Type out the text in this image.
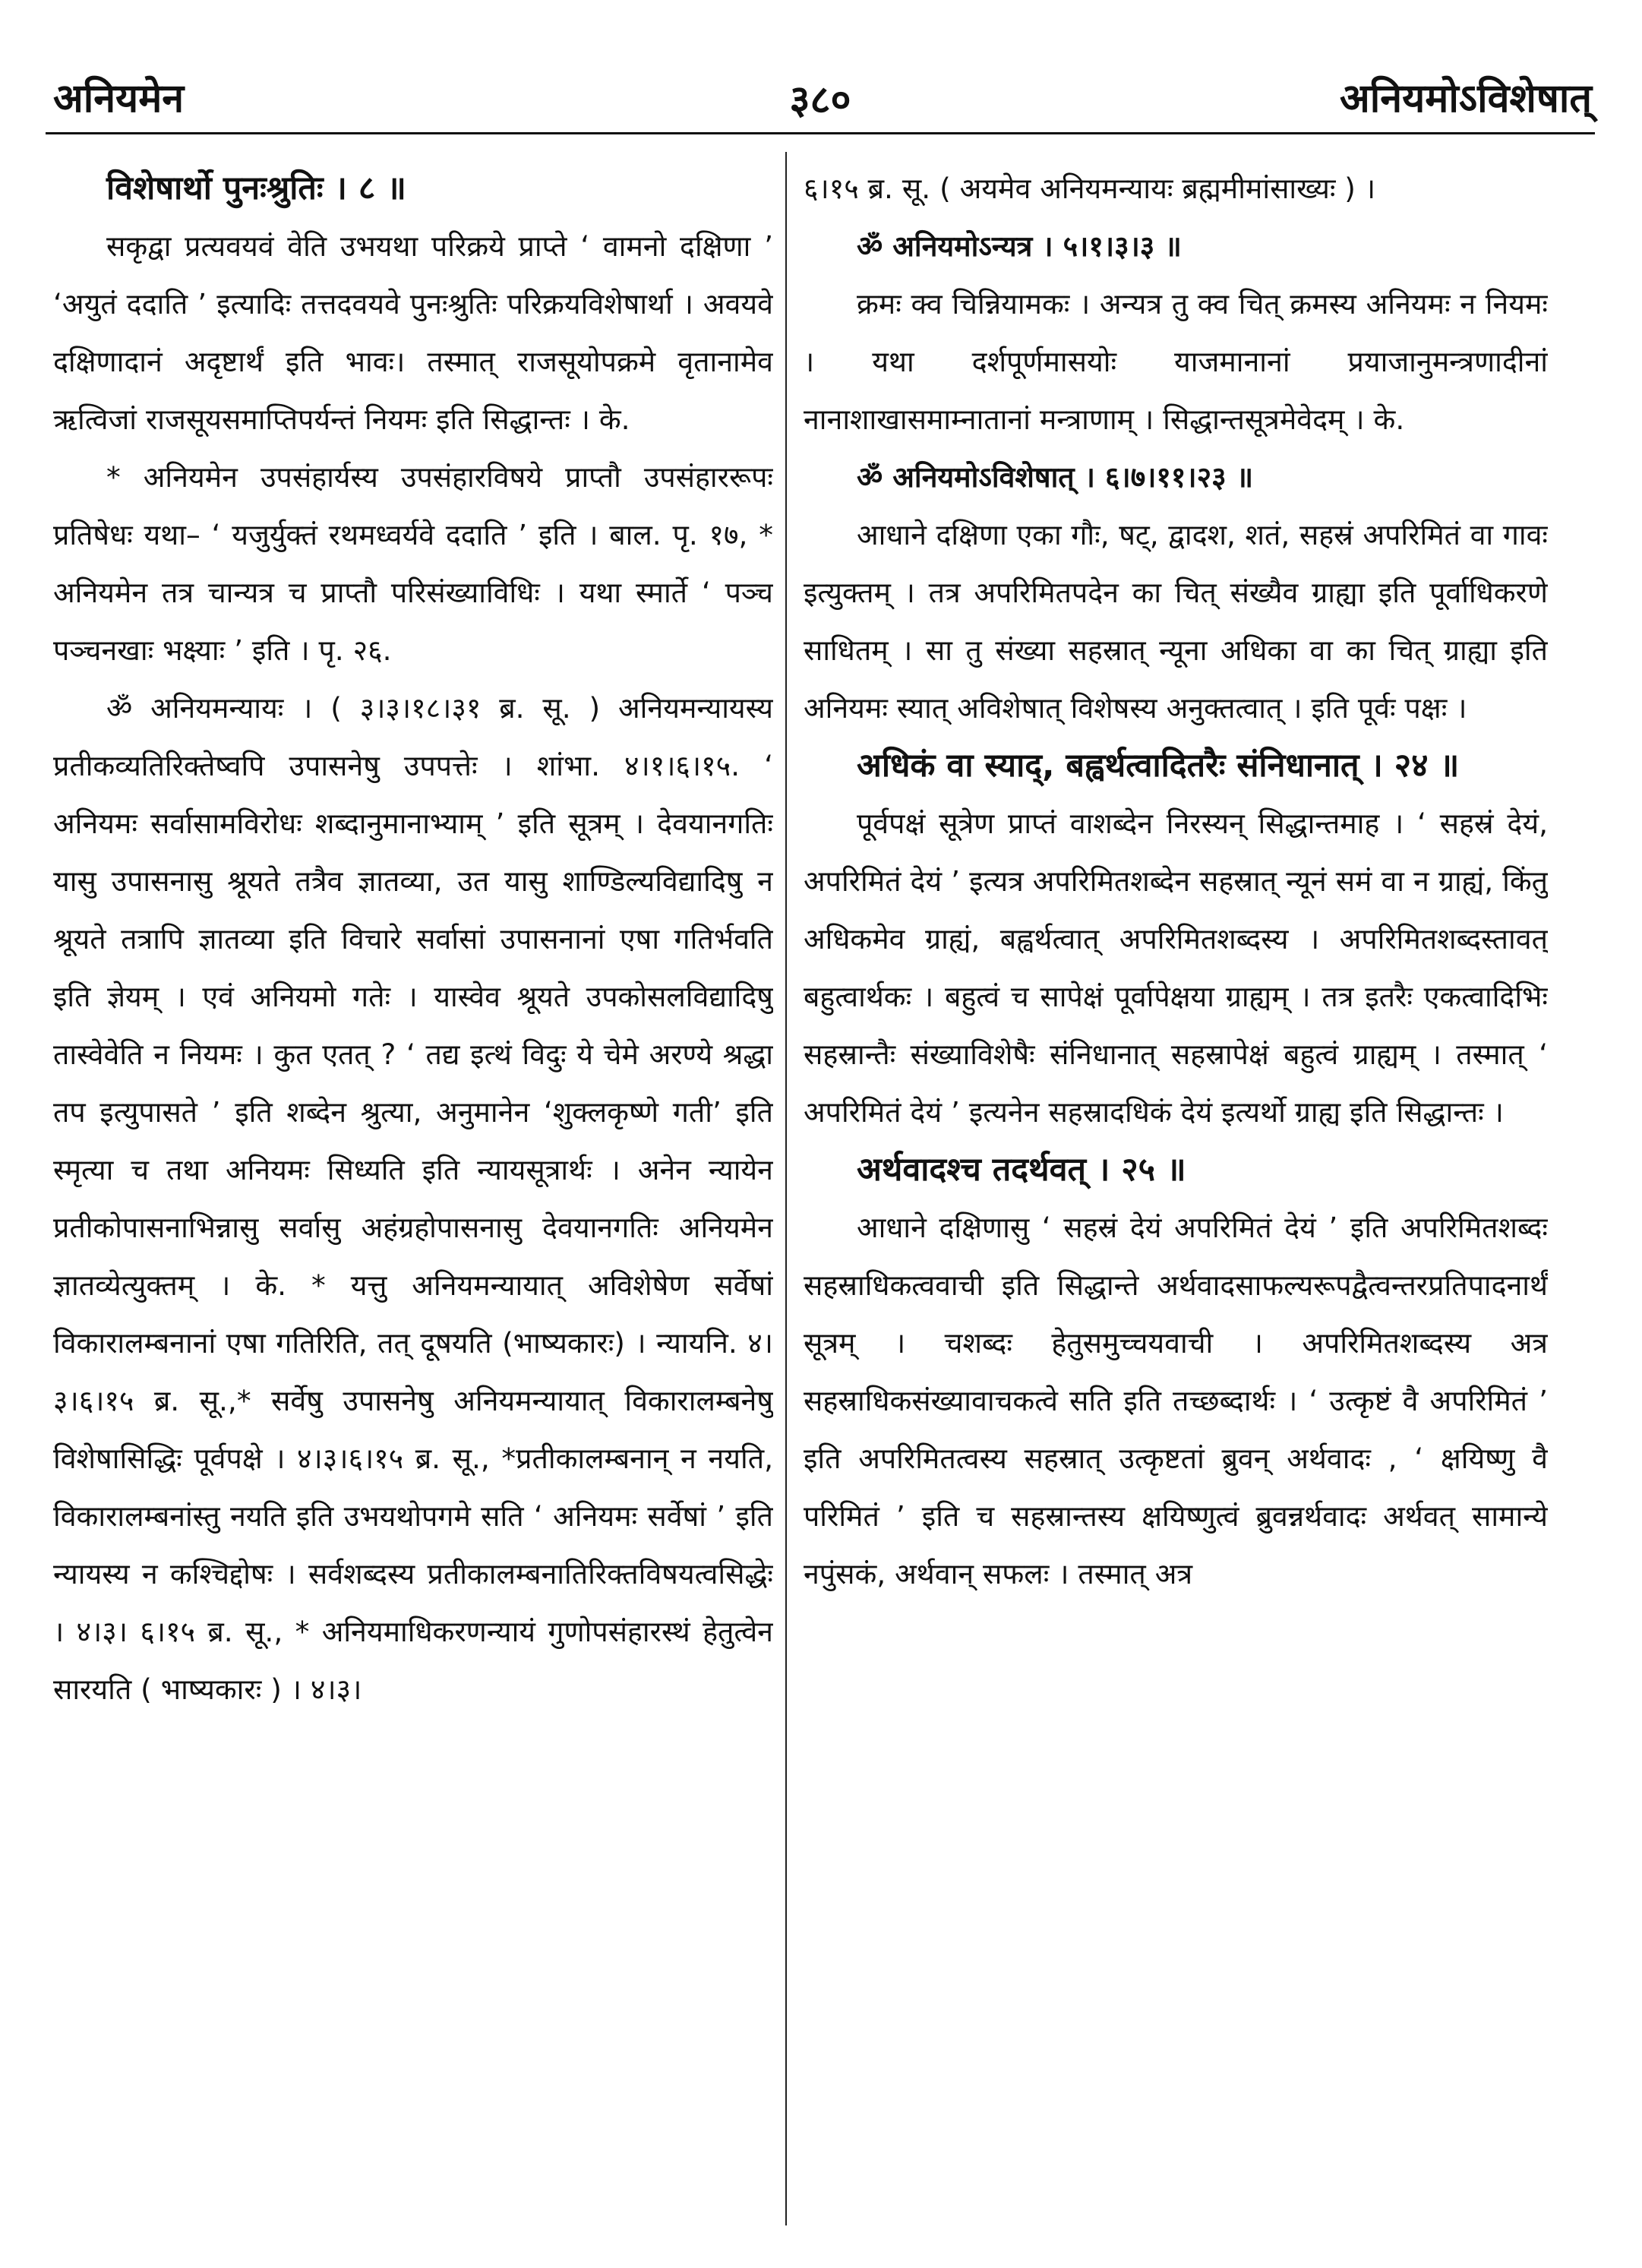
अनियमेन	३८०	अनियमोऽविशेषात्

विशेषार्थो पुनःश्रुतिः । ८ ॥

सकृद्वा प्रत्यवयवं वेति उभयथा परिक्रये प्राप्ते ‘ वामनो दक्षिणा ’ ‘अयुतं ददाति ’ इत्यादिः तत्तदवयवे पुनःश्रुतिः परिक्रयविशेषार्था । अवयवे दक्षिणादानं अदृष्टार्थं इति भावः। तस्मात् राजसूयोपक्रमे वृतानामेव ऋत्विजां राजसूयसमाप्तिपर्यन्तं नियमः इति सिद्धान्तः । के.

* अनियमेन उपसंहार्यस्य उपसंहारविषये प्राप्तौ उपसंहाररूपः प्रतिषेधः यथा– ‘ यजुर्युक्तं रथमध्वर्यवे ददाति ’ इति । बाल. पृ. १७, * अनियमेन तत्र चान्यत्र च प्राप्तौ परिसंख्याविधिः । यथा स्मार्ते ‘ पञ्च पञ्चनखाः भक्ष्याः ’ इति । पृ. २६.

ॐ अनियमन्यायः । ( ३।३।१८।३१ ब्र. सू. ) अनियमन्यायस्य प्रतीकव्यतिरिक्तेष्वपि उपासनेषु उपपत्तेः । शांभा. ४।१।६।१५. ‘ अनियमः सर्वासामविरोधः शब्दानुमानाभ्याम् ’ इति सूत्रम् । देवयानगतिः यासु उपासनासु श्रूयते तत्रैव ज्ञातव्या, उत यासु शाण्डिल्यविद्यादिषु न श्रूयते तत्रापि ज्ञातव्या इति विचारे सर्वासां उपासनानां एषा गतिर्भवति इति ज्ञेयम् । एवं अनियमो गतेः । यास्वेव श्रूयते उपकोसलविद्यादिषु तास्वेवेति न नियमः । कुत एतत् ? ‘ तद्य इत्थं विदुः ये चेमे अरण्ये श्रद्धा तप इत्युपासते ’ इति शब्देन श्रुत्या, अनुमानेन ‘शुक्लकृष्णे गती’ इति स्मृत्या च तथा अनियमः सिध्यति इति न्यायसूत्रार्थः । अनेन न्यायेन प्रतीकोपासनाभिन्नासु सर्वासु अहंग्रहोपासनासु देवयानगतिः अनियमेन ज्ञातव्येत्युक्तम् । के. * यत्तु अनियमन्यायात् अविशेषेण सर्वेषां विकारालम्बनानां एषा गतिरिति, तत् दूषयति (भाष्यकारः) । न्यायनि. ४।३।६।१५ ब्र. सू.,* सर्वेषु उपासनेषु अनियमन्यायात् विकारालम्बनेषु विशेषासिद्धिः पूर्वपक्षे । ४।३।६।१५ ब्र. सू., *प्रतीकालम्बनान् न नयति, विकारालम्बनांस्तु नयति इति उभयथोपगमे सति ‘ अनियमः सर्वेषां ’ इति न्यायस्य न कश्चिद्दोषः । सर्वशब्दस्य प्रतीकालम्बनातिरिक्तविषयत्वसिद्धेः । ४।३। ६।१५ ब्र. सू., * अनियमाधिकरणन्यायं गुणोपसंहारस्थं हेतुत्वेन सारयति ( भाष्यकारः ) । ४।३।

६।१५ ब्र. सू. ( अयमेव अनियमन्यायः ब्रह्ममीमांसाख्यः ) ।

ॐ अनियमोऽन्यत्र । ५।१।३।३ ॥

क्रमः क्व चिन्नियामकः । अन्यत्र तु क्व चित् क्रमस्य अनियमः न नियमः । यथा दर्शपूर्णमासयोः याजमानानां प्रयाजानुमन्त्रणादीनां नानाशाखासमाम्नातानां मन्त्राणाम् । सिद्धान्तसूत्रमेवेदम् । के.

ॐ अनियमोऽविशेषात् । ६।७।११।२३ ॥

आधाने दक्षिणा एका गौः, षट्, द्वादश, शतं, सहस्रं अपरिमितं वा गावः इत्युक्तम् । तत्र अपरिमितपदेन का चित् संख्यैव ग्राह्या इति पूर्वाधिकरणे साधितम् । सा तु संख्या सहस्रात् न्यूना अधिका वा का चित् ग्राह्या इति अनियमः स्यात् अविशेषात् विशेषस्य अनुक्तत्वात् । इति पूर्वः पक्षः ।

अधिकं वा स्याद्, बह्वर्थत्वादितरैः संनिधानात् । २४ ॥

पूर्वपक्षं सूत्रेण प्राप्तं वाशब्देन निरस्यन् सिद्धान्तमाह । ‘ सहस्रं देयं, अपरिमितं देयं ’ इत्यत्र अपरिमितशब्देन सहस्रात् न्यूनं समं वा न ग्राह्यं, किंतु अधिकमेव ग्राह्यं, बह्वर्थत्वात् अपरिमितशब्दस्य । अपरिमितशब्दस्तावत् बहुत्वार्थकः । बहुत्वं च सापेक्षं पूर्वापेक्षया ग्राह्यम् । तत्र इतरैः एकत्वादिभिः सहस्रान्तैः संख्याविशेषैः संनिधानात् सहस्रापेक्षं बहुत्वं ग्राह्यम् । तस्मात् ‘ अपरिमितं देयं ’ इत्यनेन सहस्रादधिकं देयं इत्यर्थो ग्राह्य इति सिद्धान्तः ।

अर्थवादश्च तदर्थवत् । २५ ॥

आधाने दक्षिणासु ‘ सहस्रं देयं अपरिमितं देयं ’ इति अपरिमितशब्दः सहस्राधिकत्ववाची इति सिद्धान्ते अर्थवादसाफल्यरूपद्वैत्वन्तरप्रतिपादनार्थं सूत्रम् । चशब्दः हेतुसमुच्चयवाची । अपरिमितशब्दस्य अत्र सहस्राधिकसंख्यावाचकत्वे सति इति तच्छब्दार्थः । ‘ उत्कृष्टं वै अपरिमितं ’ इति अपरिमितत्वस्य सहस्रात् उत्कृष्टतां ब्रुवन् अर्थवादः , ‘ क्षयिष्णु वै परिमितं ’ इति च सहस्रान्तस्य क्षयिष्णुत्वं ब्रुवन्नर्थवादः अर्थवत् सामान्ये नपुंसकं, अर्थवान् सफलः । तस्मात् अत्र
